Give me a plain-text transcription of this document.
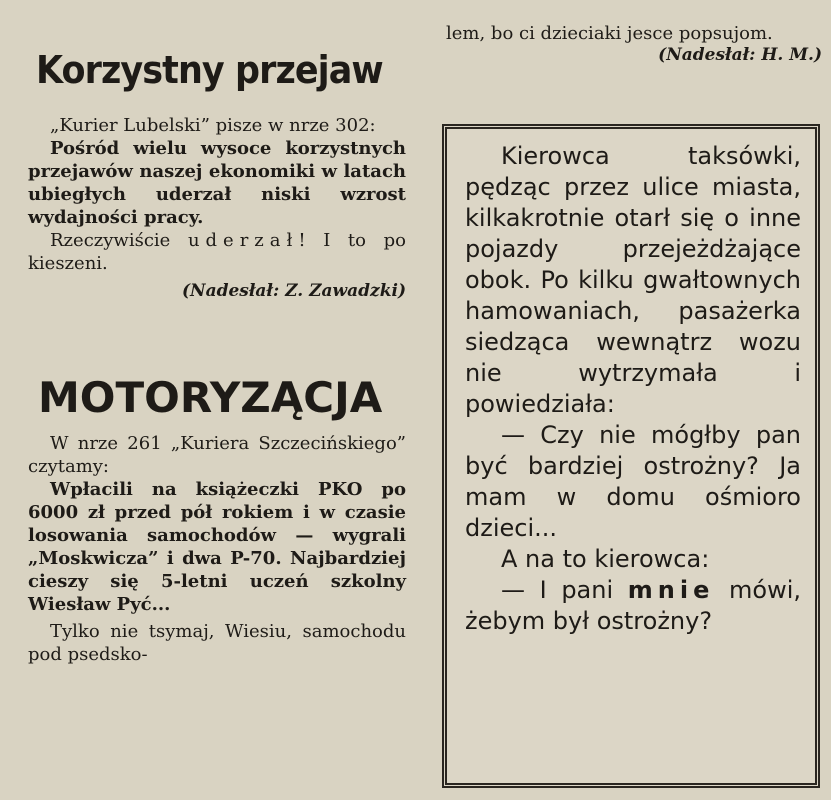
Korzystny przejaw

„Kurier Lubelski” pisze w nrze 302:

Pośród wielu wysoce korzystnych przejawów naszej ekonomiki w latach ubiegłych uderzał niski wzrost wydajności pracy.

Rzeczywiście uderzał! I to po kieszeni.

(Nadesłał: Z. Zawadzki)

MOTORYZĄCJA

W nrze 261 „Kuriera Szczecińskiego” czytamy:

Wpłacili na książeczki PKO po 6000 zł przed pół rokiem i w czasie losowania samochodów — wygrali „Moskwicza” i dwa P-70. Najbardziej cieszy się 5-letni uczeń szkolny Wiesław Pyć...

Tylko nie tsymaj, Wiesiu, samochodu pod psedsko-

lem, bo ci dzieciaki jesce popsujom.

(Nadesłał: H. M.)

Kierowca taksówki, pędząc przez ulice miasta, kilkakrotnie otarł się o inne pojazdy przejeżdżające obok. Po kilku gwałtownych hamowaniach, pasażerka siedząca wewnątrz wozu nie wytrzymała i powiedziała:

— Czy nie mógłby pan być bardziej ostrożny? Ja mam w domu ośmioro dzieci...

A na to kierowca:

— I pani mnie mówi, żebym był ostrożny?
